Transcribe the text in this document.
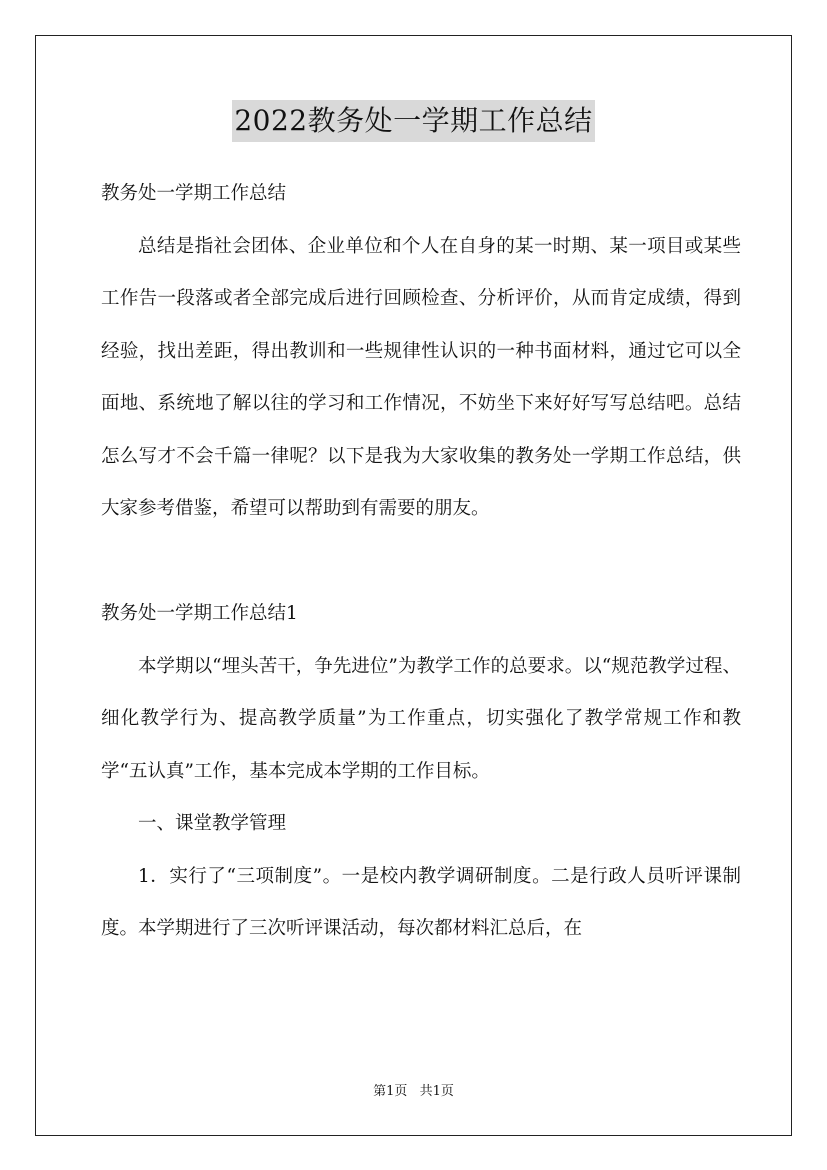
2022教务处一学期工作总结

教务处一学期工作总结

总结是指社会团体、企业单位和个人在自身的某一时期、某一项目或某些工作告一段落或者全部完成后进行回顾检查、分析评价，从而肯定成绩，得到经验，找出差距，得出教训和一些规律性认识的一种书面材料，通过它可以全面地、系统地了解以往的学习和工作情况，不妨坐下来好好写写总结吧。总结怎么写才不会千篇一律呢？以下是我为大家收集的教务处一学期工作总结，供大家参考借鉴，希望可以帮助到有需要的朋友。

教务处一学期工作总结1

本学期以“埋头苦干，争先进位”为教学工作的总要求。以“规范教学过程、细化教学行为、提高教学质量”为工作重点，切实强化了教学常规工作和教学“五认真”工作，基本完成本学期的工作目标。

一、课堂教学管理

1．实行了“三项制度”。一是校内教学调研制度。二是行政人员听评课制度。本学期进行了三次听评课活动，每次都材料汇总后，在

第1页 共1页
